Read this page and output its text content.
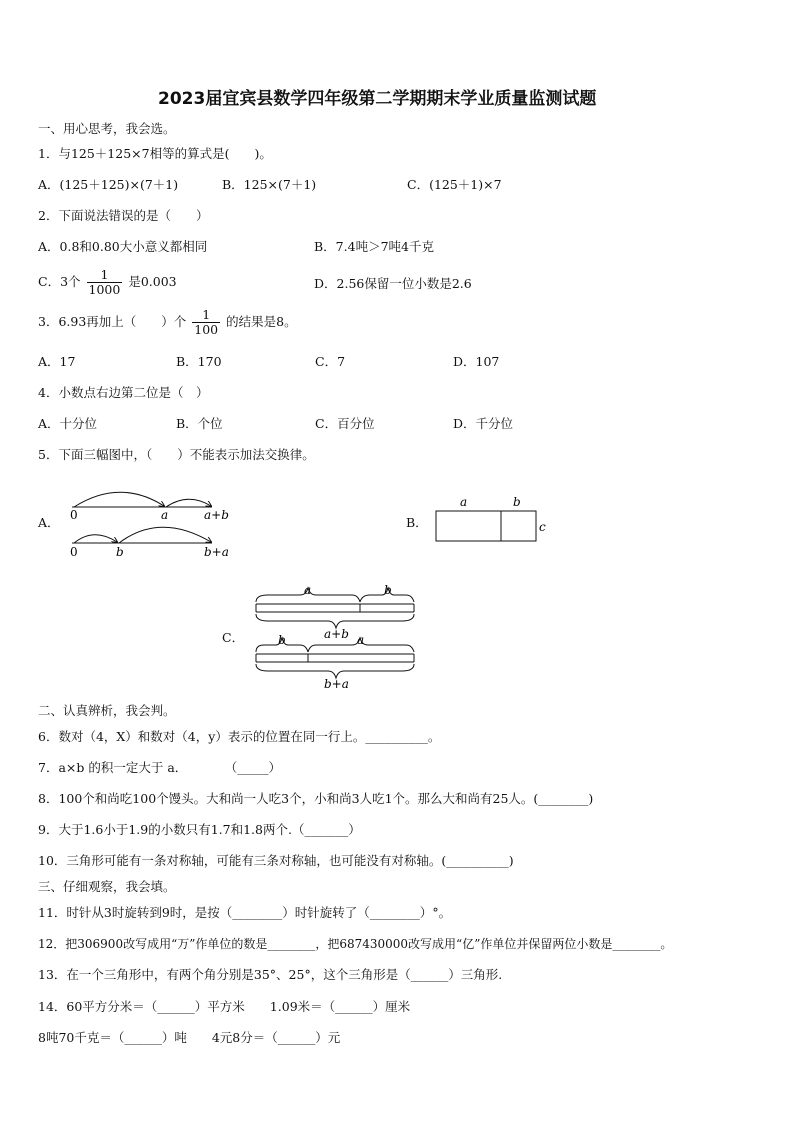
2023届宜宾县数学四年级第二学期期末学业质量监测试题
一、用心思考，我会选。
1．与125＋125×7相等的算式是(　　)。
A．(125＋125)×(7＋1)	B．125×(7＋1)	C．(125＋1)×7
2．下面说法错误的是（　　）
A．0.8和0.80大小意义都相同	B．7.4吨＞7吨4千克
C．3个 $\frac{1}{1000}$ 是0.003	D．2.56保留一位小数是2.6
3．6.93再加上（　　）个 $\frac{1}{100}$ 的结果是8。
A．17	B．170	C．7	D．107
4．小数点右边第二位是（　）
A．十分位	B．个位	C．百分位	D．千分位
5．下面三幅图中，（　　）不能表示加法交换律。
A． 0	a	a+b
0	b	b+a
B．
a	b
c
C．
a	b
a+b
b	a
b+a
二、认真辨析，我会判。
6．数对（4，X）和数对（4，y）表示的位置在同一行上。__________。
7．a×b 的积一定大于 a．　　　　（_____）
8．100个和尚吃100个馒头。大和尚一人吃3个，小和尚3人吃1个。那么大和尚有25人。(________)
9．大于1.6小于1.9的小数只有1.7和1.8两个.（_______）
10．三角形可能有一条对称轴，可能有三条对称轴，也可能没有对称轴。(__________)
三、仔细观察，我会填。
11．时针从3时旋转到9时，是按（________）时针旋转了（________）°。
12．把306900改写成用“万”作单位的数是________，把687430000改写成用“亿”作单位并保留两位小数是________。
13．在一个三角形中，有两个角分别是35°、25°，这个三角形是（______）三角形.
14．60平方分米＝（______）平方米　　1.09米＝（______）厘米
8吨70千克＝（______）吨　　4元8分＝（______）元
